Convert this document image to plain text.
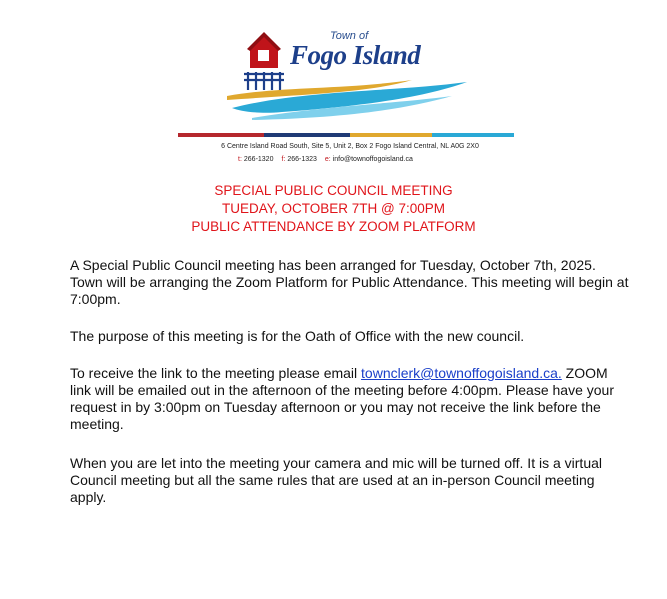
Town of
Fogo Island
6 Centre Island Road South, Site 5, Unit 2, Box 2 Fogo Island Central, NL A0G 2X0
t: 266-1320 f: 266-1323 e: info@townoffogoisland.ca
SPECIAL PUBLIC COUNCIL MEETING
TUEDAY, OCTOBER 7TH @ 7:00PM
PUBLIC ATTENDANCE BY ZOOM PLATFORM

A Special Public Council meeting has been arranged for Tuesday, October 7th, 2025. Town will be arranging the Zoom Platform for Public Attendance. This meeting will begin at 7:00pm.

The purpose of this meeting is for the Oath of Office with the new council.

To receive the link to the meeting please email townclerk@townoffogoisland.ca. ZOOM link will be emailed out in the afternoon of the meeting before 4:00pm. Please have your request in by 3:00pm on Tuesday afternoon or you may not receive the link before the meeting.

When you are let into the meeting your camera and mic will be turned off. It is a virtual Council meeting but all the same rules that are used at an in-person Council meeting apply.
